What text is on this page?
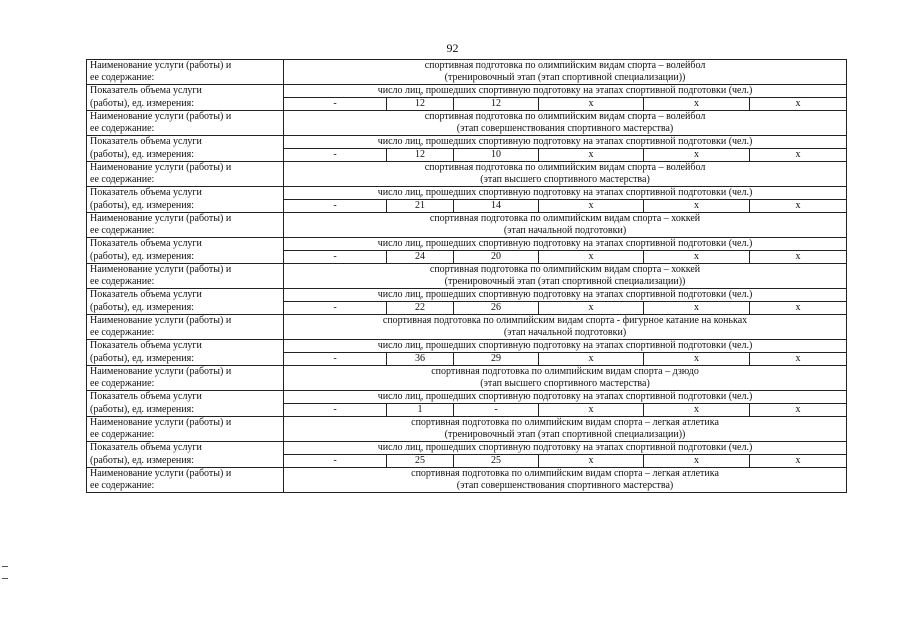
92
Наименование услуги (работы) и	спортивная подготовка по олимпийским видам спорта – волейбол					
ее содержание:	(тренировочный этап (этап спортивной специализации))					
Показатель объема услуги	число лиц, прошедших спортивную подготовку на этапах спортивной подготовки (чел.)					
(работы), ед. измерения:	-	12	12	х	х	х
Наименование услуги (работы) и	спортивная подготовка по олимпийским видам спорта – волейбол					
ее содержание:	(этап совершенствования спортивного мастерства)					
Показатель объема услуги	число лиц, прошедших спортивную подготовку на этапах спортивной подготовки (чел.)					
(работы), ед. измерения:	-	12	10	х	х	х
Наименование услуги (работы) и	спортивная подготовка по олимпийским видам спорта – волейбол					
ее содержание:	(этап высшего спортивного мастерства)					
Показатель объема услуги	число лиц, прошедших спортивную подготовку на этапах спортивной подготовки (чел.)					
(работы), ед. измерения:	-	21	14	х	х	х
Наименование услуги (работы) и	спортивная подготовка по олимпийским видам спорта – хоккей					
ее содержание:	(этап начальной подготовки)					
Показатель объема услуги	число лиц, прошедших спортивную подготовку на этапах спортивной подготовки (чел.)					
(работы), ед. измерения:	-	24	20	х	х	х
Наименование услуги (работы) и	спортивная подготовка по олимпийским видам спорта – хоккей					
ее содержание:	(тренировочный этап (этап спортивной специализации))					
Показатель объема услуги	число лиц, прошедших спортивную подготовку на этапах спортивной подготовки (чел.)					
(работы), ед. измерения:	-	22	26	х	х	х
Наименование услуги (работы) и	спортивная подготовка по олимпийским видам спорта - фигурное катание на коньках					
ее содержание:	(этап начальной подготовки)					
Показатель объема услуги	число лиц, прошедших спортивную подготовку на этапах спортивной подготовки (чел.)					
(работы), ед. измерения:	-	36	29	х	х	х
Наименование услуги (работы) и	спортивная подготовка по олимпийским видам спорта – дзюдо					
ее содержание:	(этап высшего спортивного мастерства)					
Показатель объема услуги	число лиц, прошедших спортивную подготовку на этапах спортивной подготовки (чел.)					
(работы), ед. измерения:	-	1	-	х	х	х
Наименование услуги (работы) и	спортивная подготовка по олимпийским видам спорта – легкая атлетика					
ее содержание:	(тренировочный этап (этап спортивной специализации))					
Показатель объема услуги	число лиц, прошедших спортивную подготовку на этапах спортивной подготовки (чел.)					
(работы), ед. измерения:	-	25	25	х	х	х
Наименование услуги (работы) и	спортивная подготовка по олимпийским видам спорта – легкая атлетика					
ее содержание:	(этап совершенствования спортивного мастерства)					
